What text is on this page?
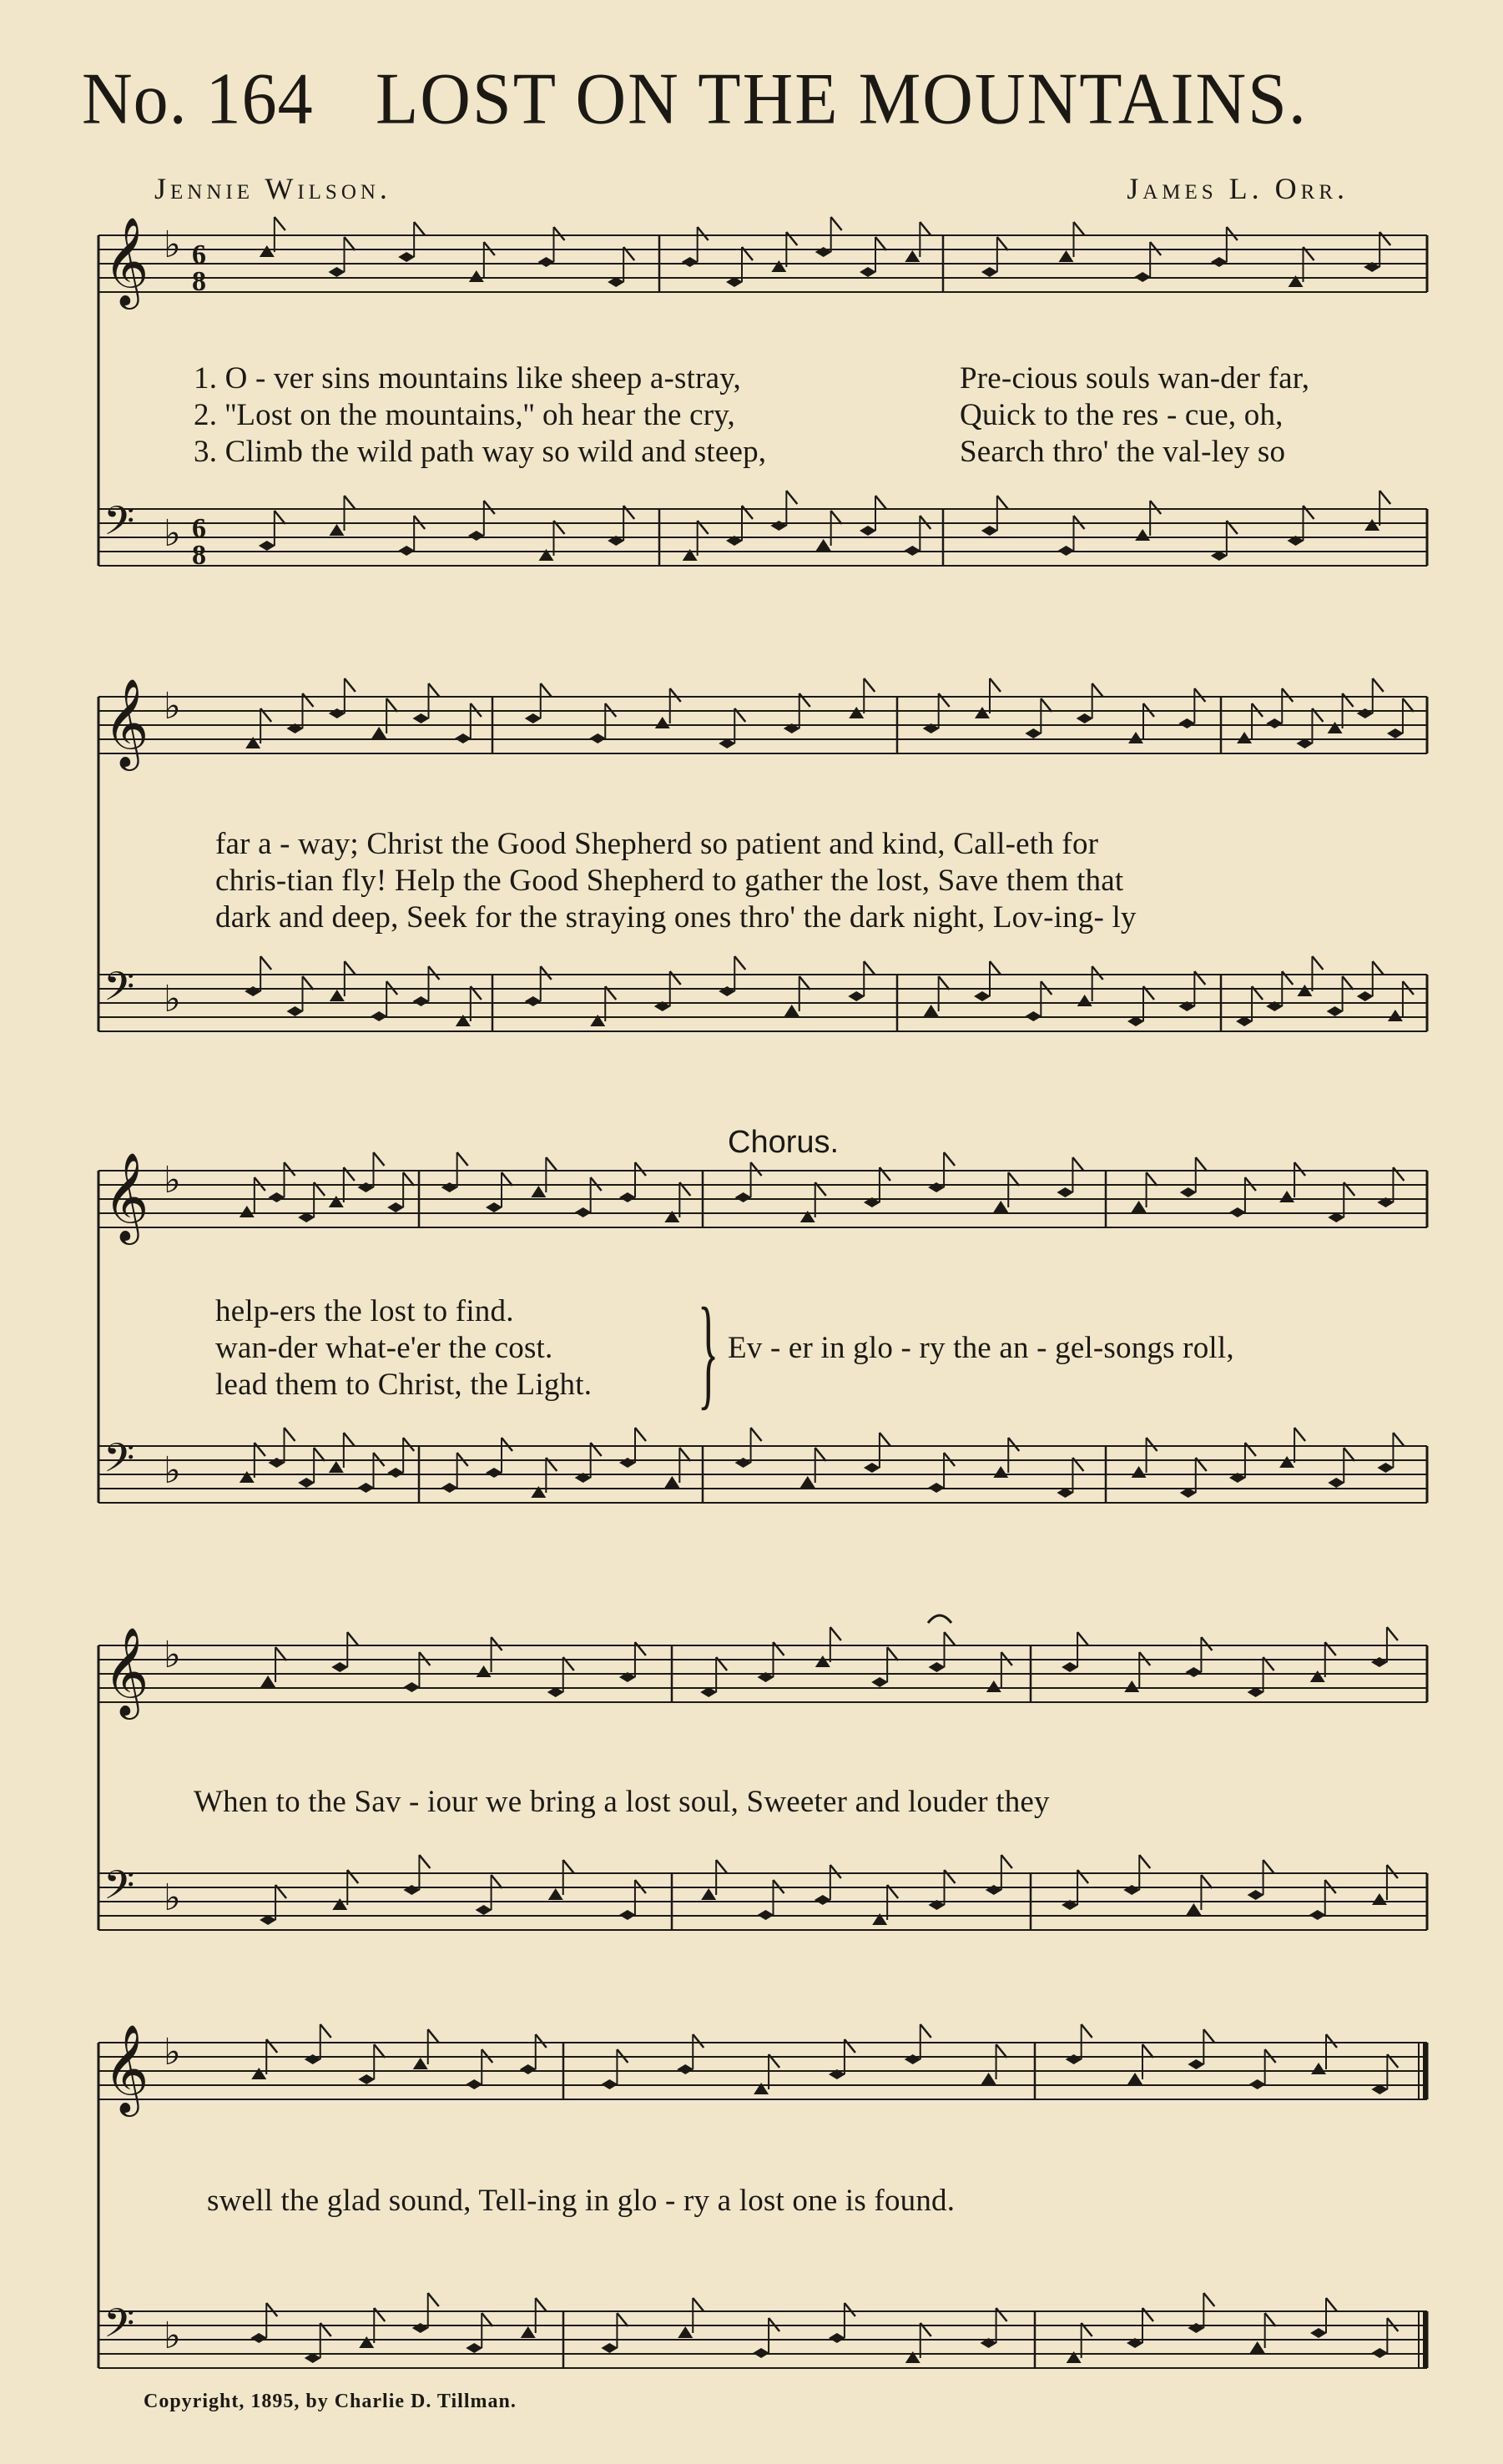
No. 164 LOST ON THE MOUNTAINS.
Jennie Wilson.	James L. Orr.
𝄞 ♭ 6
8
𝄢 ♭ 6
8
𝄞 ♭
𝄢 ♭
𝄞 ♭
𝄢 ♭
𝄞 ♭
𝄢 ♭
𝄞 ♭
𝄢 ♭
1. O - ver sins mountains like sheep a-stray,	Pre-cious souls wan-der far,
2. ''Lost on the mountains,'' oh hear the cry,	Quick to the res - cue, oh,
3. Climb the wild path way so wild and steep,	Search thro' the val-ley so
far a - way; Christ the Good Shepherd so patient and kind, Call-eth for
chris-tian fly! Help the Good Shepherd to gather the lost, Save them that
dark and deep, Seek for the straying ones thro' the dark night, Lov-ing- ly
help-ers the lost to find.
wan-der what-e'er the cost.
lead them to Christ, the Light. } Ev - er in glo - ry the an - gel-songs roll,
Chorus.
When to the Sav - iour we bring a lost soul, Sweeter and louder they
swell the glad sound, Tell-ing in glo - ry a lost one is found.
Copyright, 1895, by Charlie D. Tillman.
